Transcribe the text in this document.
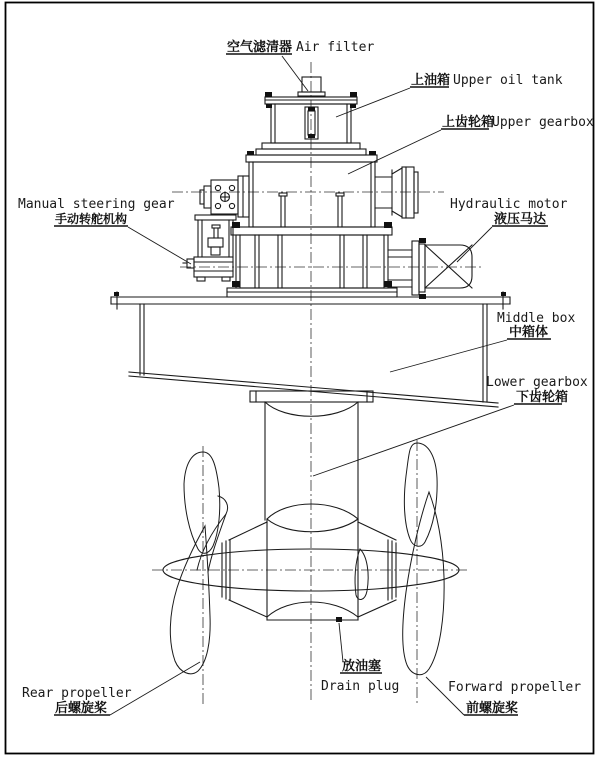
空气滤清器 Air filter
上油箱 Upper oil tank
上齿轮箱
Upper gearbox
Manual steering gear
手动转舵机构
Hydraulic motor
液压马达
Middle box
中箱体
Lower gearbox
下齿轮箱
Rear propeller
后螺旋桨
放油塞
Drain plug	Forward propeller
前螺旋桨
